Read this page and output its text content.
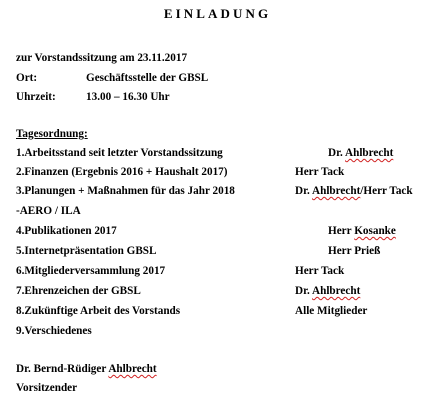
EINLADUNG
zur Vorstandssitzung am 23.11.2017
Ort:	Geschäftsstelle der GBSL
Uhrzeit:	13.00 – 16.30 Uhr
Tagesordnung:
1.Arbeitsstand seit letzter Vorstandssitzung	Dr. Ahlbrecht
2.Finanzen (Ergebnis 2016 + Haushalt 2017)	Herr Tack
3.Planungen + Maßnahmen für das Jahr 2018	Dr. Ahlbrecht/Herr Tack
-AERO / ILA
4.Publikationen 2017	Herr Kosanke
5.Internetpräsentation GBSL	Herr Prieß
6.Mitgliederversammlung 2017	Herr Tack
7.Ehrenzeichen der GBSL	Dr. Ahlbrecht
8.Zukünftige Arbeit des Vorstands	Alle Mitglieder
9.Verschiedenes
Dr. Bernd-Rüdiger Ahlbrecht
Vorsitzender
